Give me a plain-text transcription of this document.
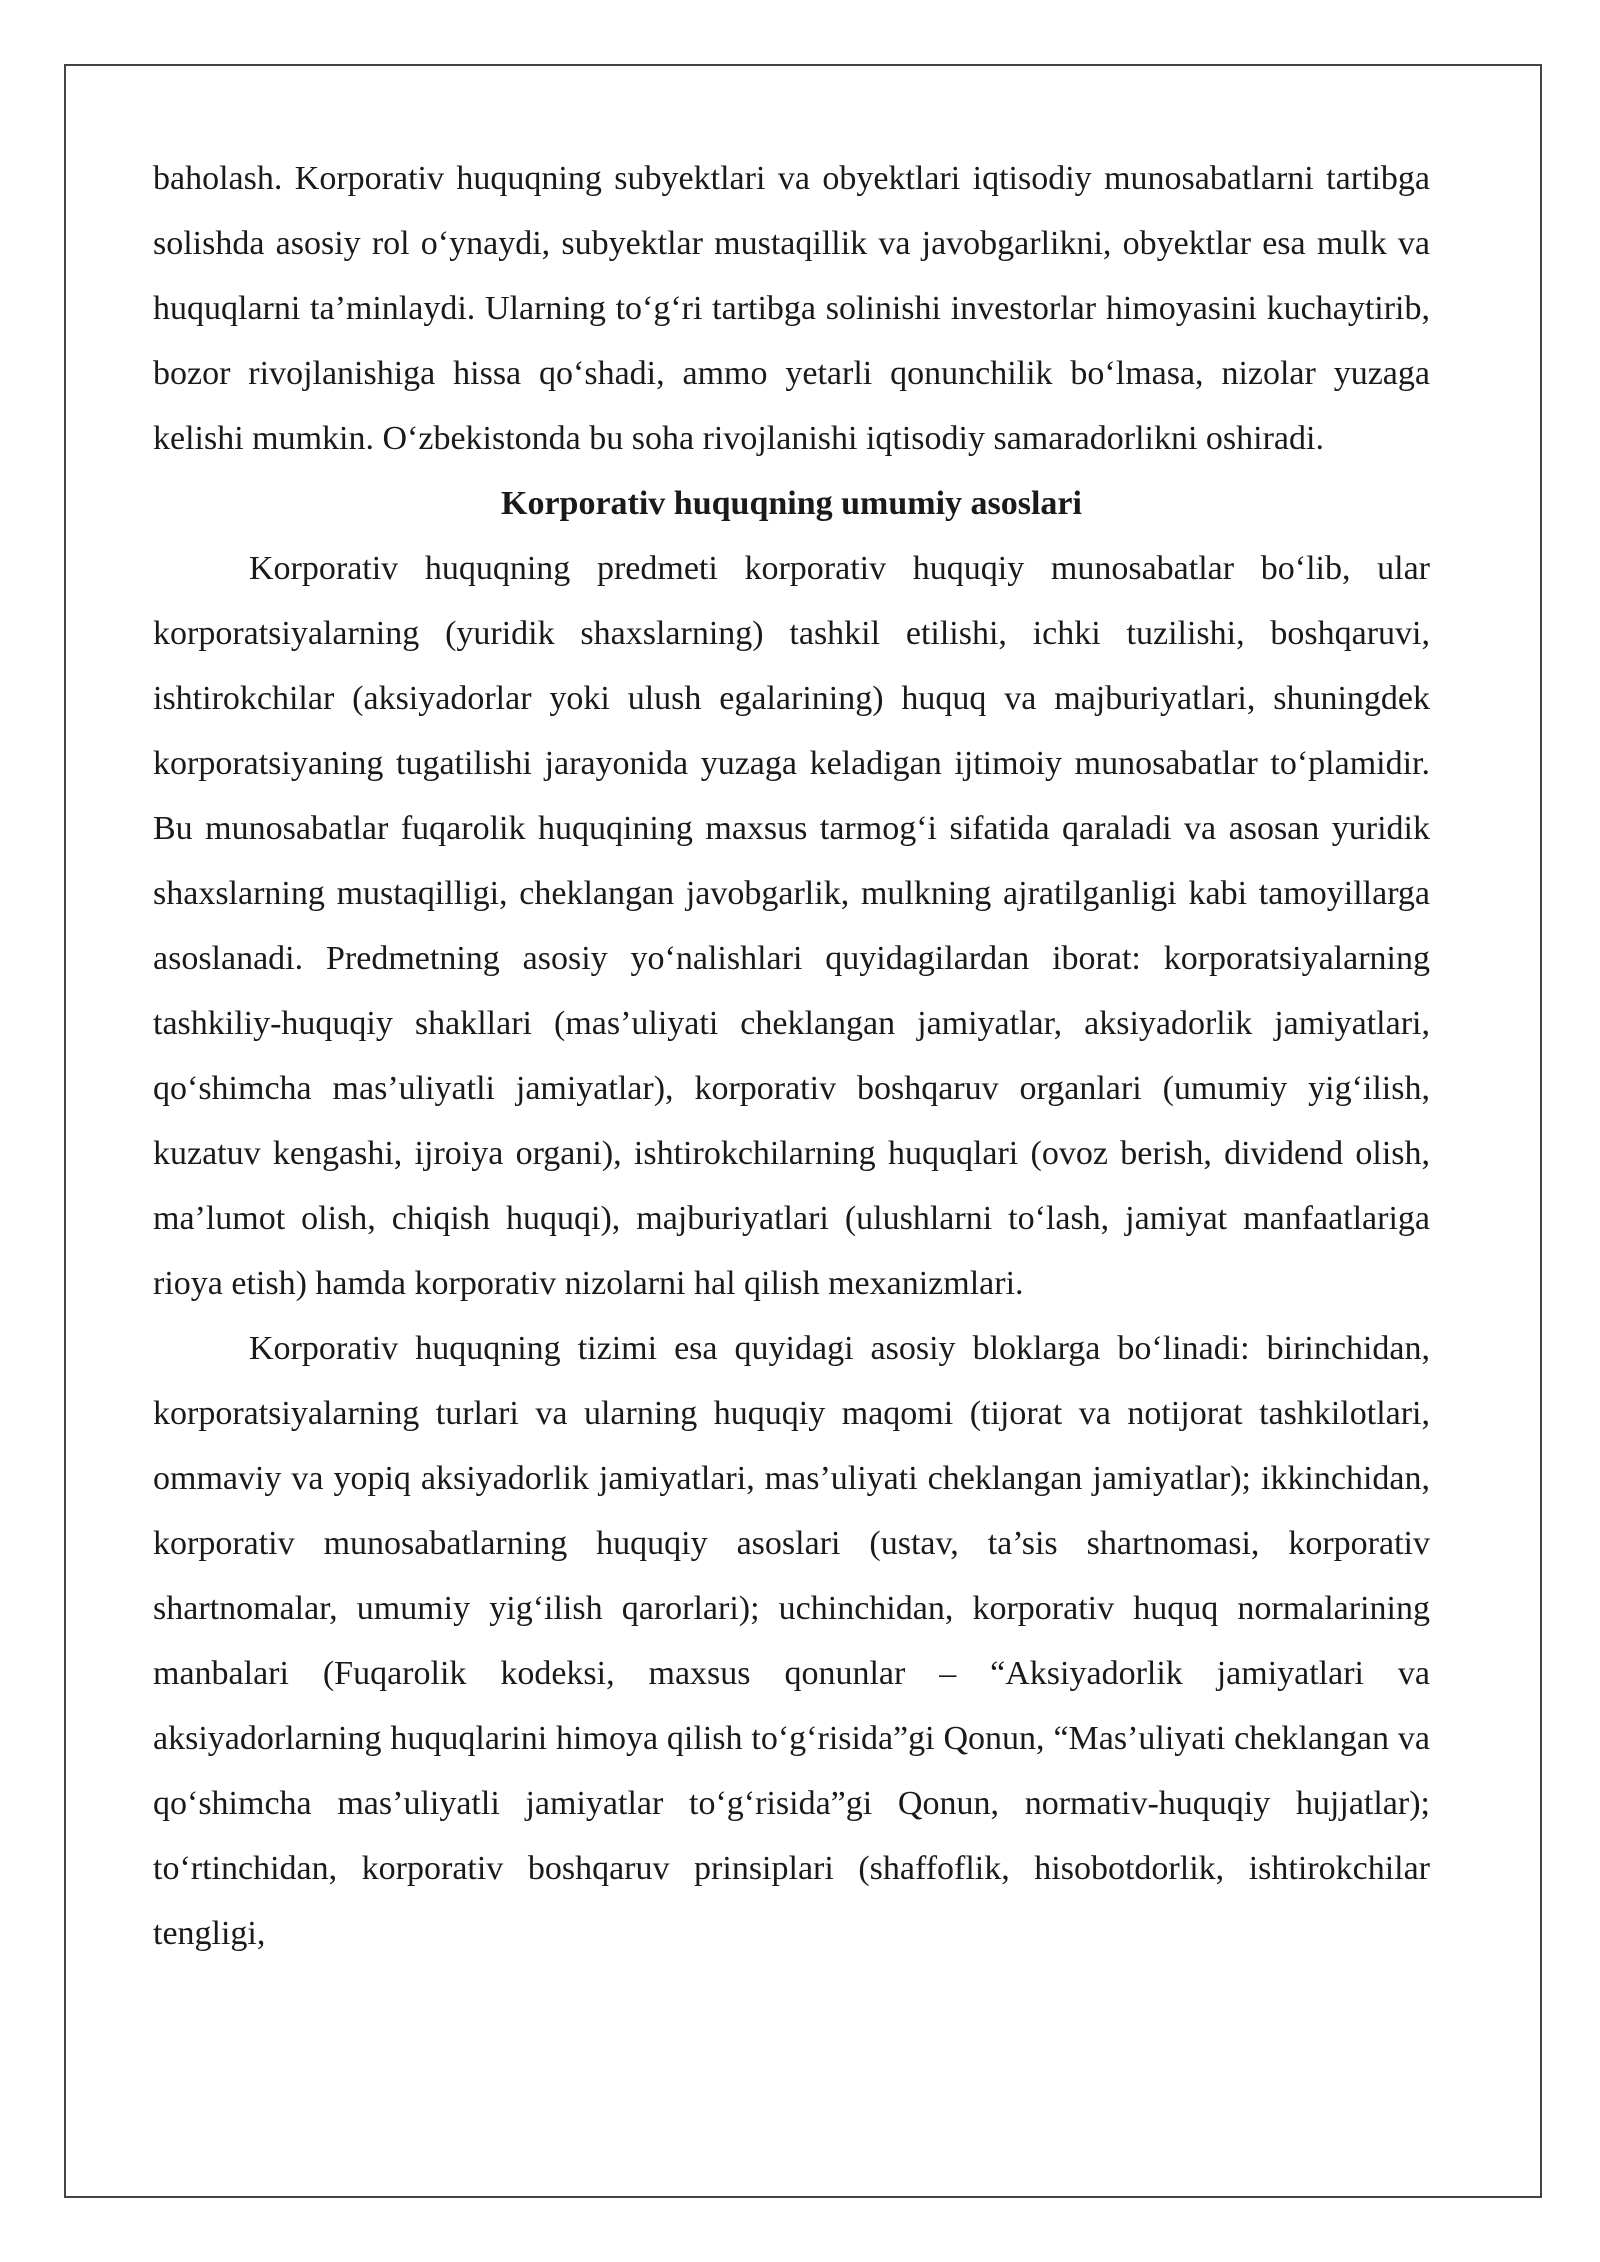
baholash. Korporativ huquqning subyektlari va obyektlari iqtisodiy munosabatlarni tartibga solishda asosiy rol o‘ynaydi, subyektlar mustaqillik va javobgarlikni, obyektlar esa mulk va huquqlarni ta’minlaydi. Ularning to‘g‘ri tartibga solinishi investorlar himoyasini kuchaytirib, bozor rivojlanishiga hissa qo‘shadi, ammo yetarli qonunchilik bo‘lmasa, nizolar yuzaga kelishi mumkin. O‘zbekistonda bu soha rivojlanishi iqtisodiy samaradorlikni oshiradi.

Korporativ huquqning umumiy asoslari

Korporativ huquqning predmeti korporativ huquqiy munosabatlar bo‘lib, ular korporatsiyalarning (yuridik shaxslarning) tashkil etilishi, ichki tuzilishi, boshqaruvi, ishtirokchilar (aksiyadorlar yoki ulush egalarining) huquq va majburiyatlari, shuningdek korporatsiyaning tugatilishi jarayonida yuzaga keladigan ijtimoiy munosabatlar to‘plamidir. Bu munosabatlar fuqarolik huquqining maxsus tarmog‘i sifatida qaraladi va asosan yuridik shaxslarning mustaqilligi, cheklangan javobgarlik, mulkning ajratilganligi kabi tamoyillarga asoslanadi. Predmetning asosiy yo‘nalishlari quyidagilardan iborat: korporatsiyalarning tashkiliy-huquqiy shakllari (mas’uliyati cheklangan jamiyatlar, aksiyadorlik jamiyatlari, qo‘shimcha mas’uliyatli jamiyatlar), korporativ boshqaruv organlari (umumiy yig‘ilish, kuzatuv kengashi, ijroiya organi), ishtirokchilarning huquqlari (ovoz berish, dividend olish, ma’lumot olish, chiqish huquqi), majburiyatlari (ulushlarni to‘lash, jamiyat manfaatlariga rioya etish) hamda korporativ nizolarni hal qilish mexanizmlari.

Korporativ huquqning tizimi esa quyidagi asosiy bloklarga bo‘linadi: birinchidan, korporatsiyalarning turlari va ularning huquqiy maqomi (tijorat va notijorat tashkilotlari, ommaviy va yopiq aksiyadorlik jamiyatlari, mas’uliyati cheklangan jamiyatlar); ikkinchidan, korporativ munosabatlarning huquqiy asoslari (ustav, ta’sis shartnomasi, korporativ shartnomalar, umumiy yig‘ilish qarorlari); uchinchidan, korporativ huquq normalarining manbalari (Fuqarolik kodeksi, maxsus qonunlar – “Aksiyadorlik jamiyatlari va aksiyadorlarning huquqlarini himoya qilish to‘g‘risida”gi Qonun, “Mas’uliyati cheklangan va qo‘shimcha mas’uliyatli jamiyatlar to‘g‘risida”gi Qonun, normativ-huquqiy hujjatlar); to‘rtinchidan, korporativ boshqaruv prinsiplari (shaffoflik, hisobotdorlik, ishtirokchilar tengligi,
